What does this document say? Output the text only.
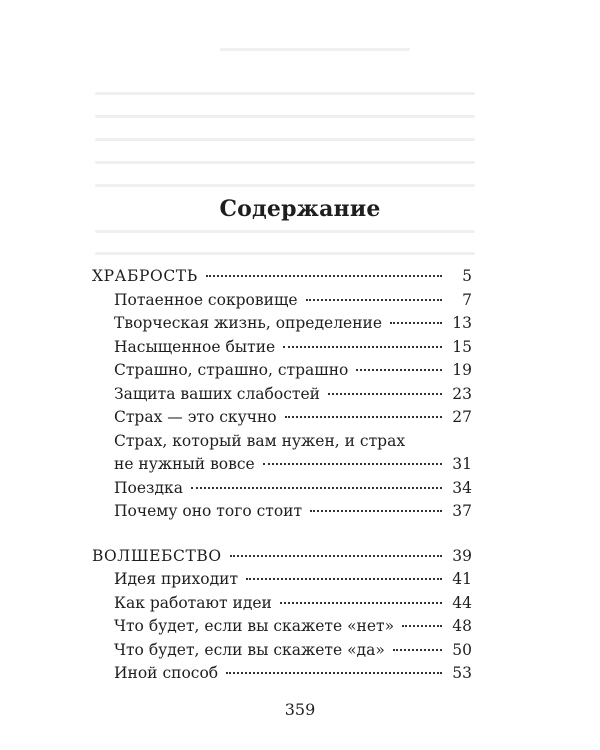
Содержание
ХРАБРОСТЬ	5
Потаенное сокровище	7
Творческая жизнь, определение	13
Насыщенное бытие	15
Страшно, страшно, страшно	19
Защита ваших слабостей	23
Страх — это скучно	27
Страх, который вам нужен, и страх
не нужный вовсе	31
Поездка	34
Почему оно того стоит	37
ВОЛШЕБСТВО	39
Идея приходит	41
Как работают идеи	44
Что будет, если вы скажете «нет»	48
Что будет, если вы скажете «да»	50
Иной способ	53
359
